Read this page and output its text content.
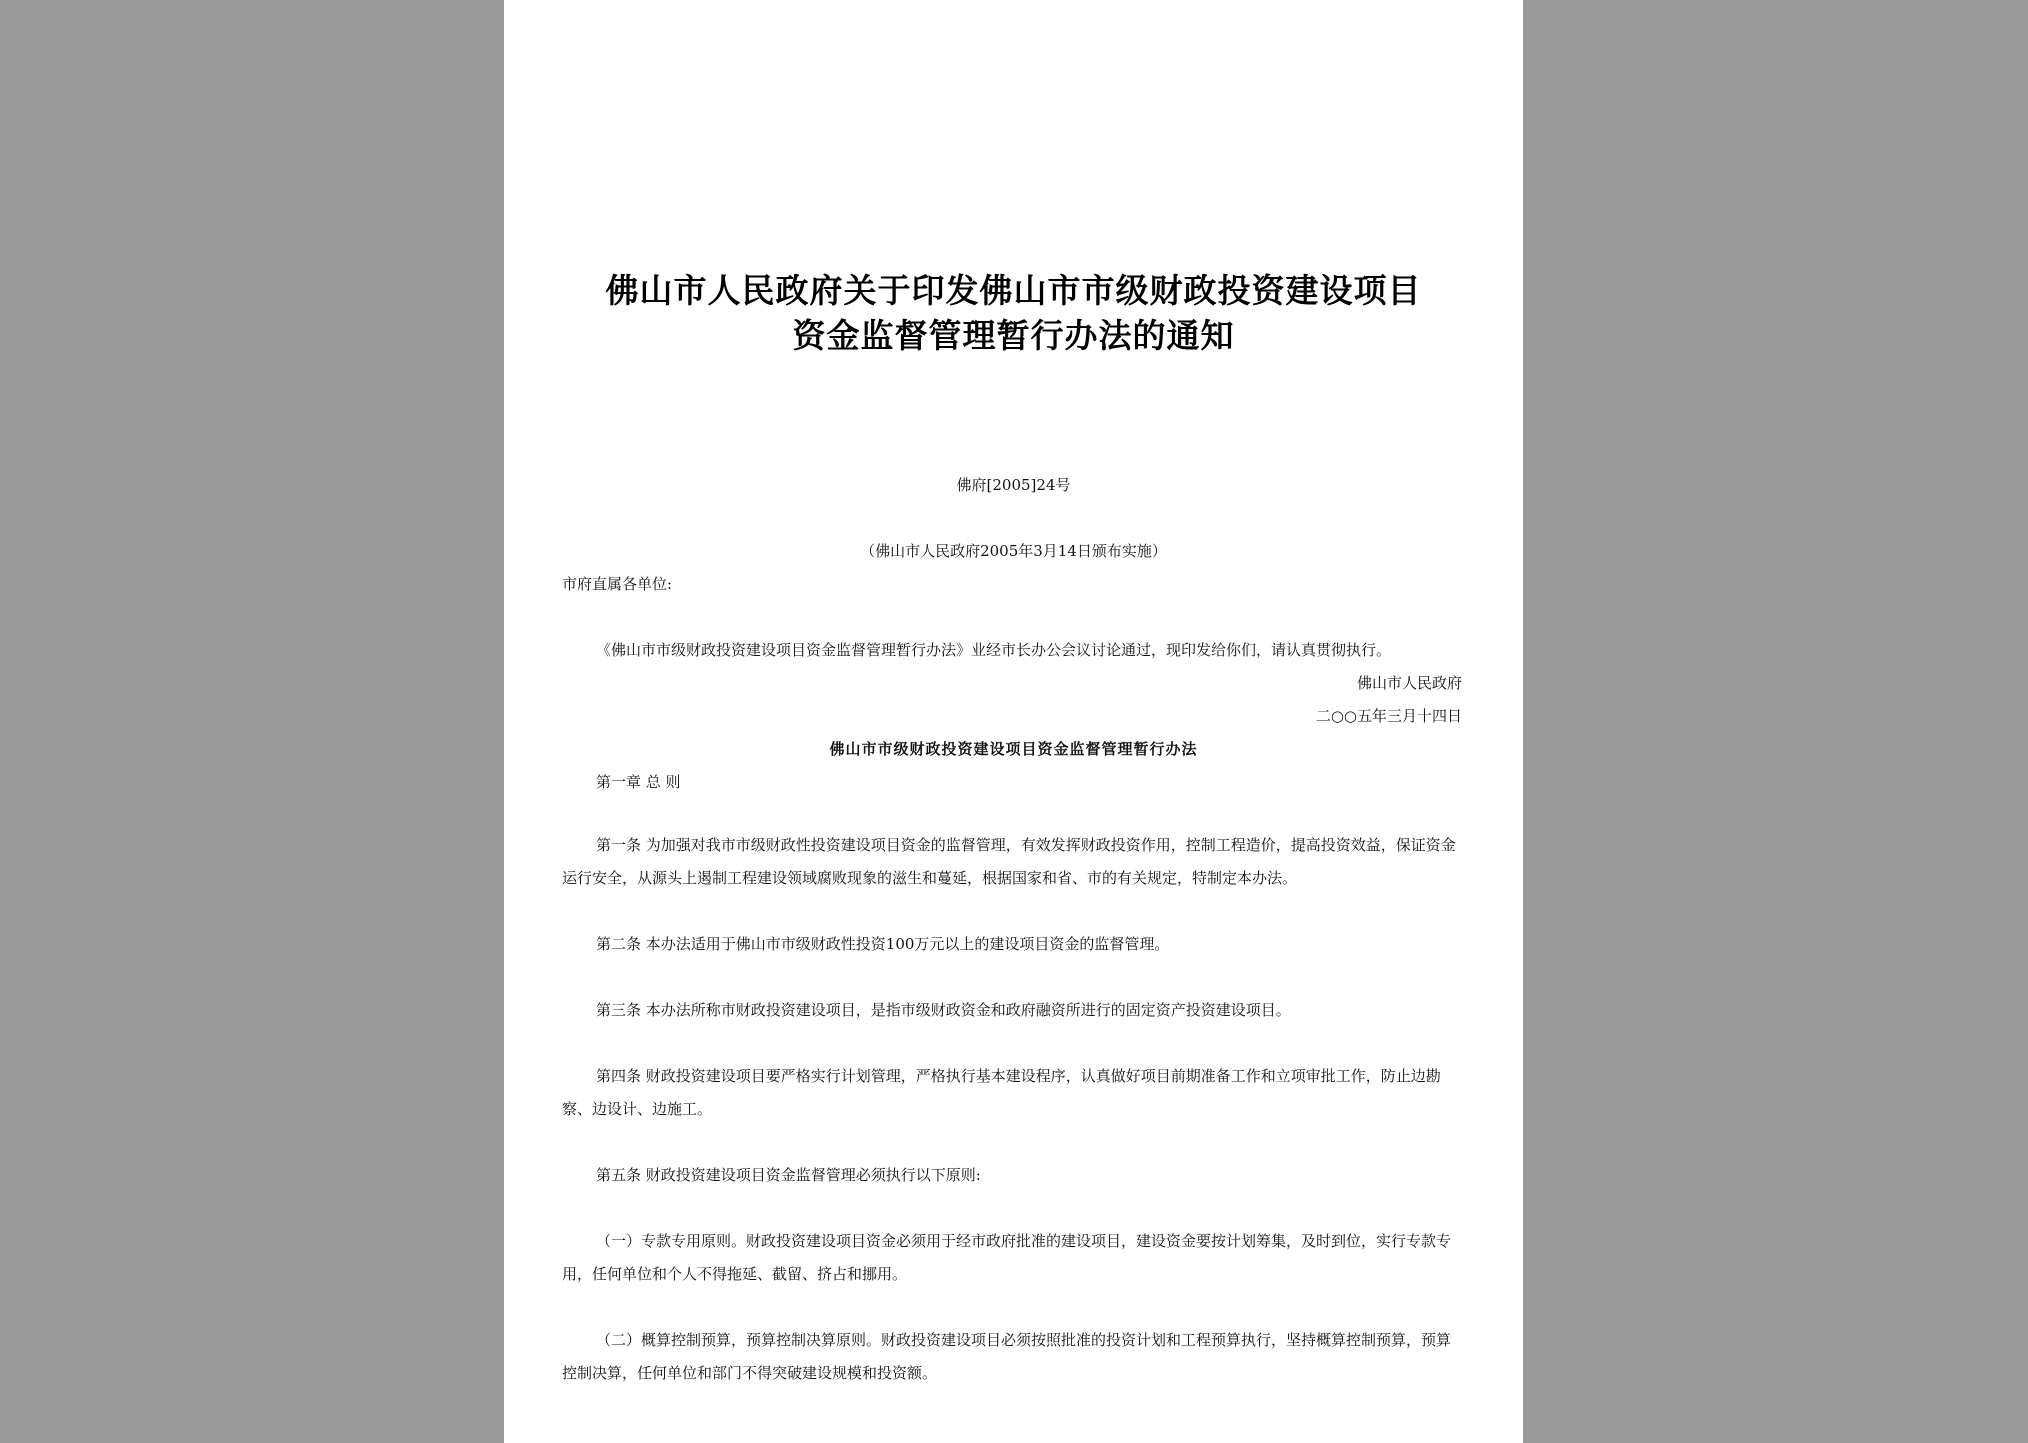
佛山市人民政府关于印发佛山市市级财政投资建设项目
资金监督管理暂行办法的通知
佛府[2005]24号
（佛山市人民政府2005年3月14日颁布实施）
市府直属各单位:
《佛山市市级财政投资建设项目资金监督管理暂行办法》业经市长办公会议讨论通过，现印发给你们，请认真贯彻执行。
佛山市人民政府
二○○五年三月十四日
佛山市市级财政投资建设项目资金监督管理暂行办法
第一章 总 则
第一条 为加强对我市市级财政性投资建设项目资金的监督管理，有效发挥财政投资作用，控制工程造价，提高投资效益，保证资金运行安全，从源头上遏制工程建设领域腐败现象的滋生和蔓延，根据国家和省、市的有关规定，特制定本办法。
第二条 本办法适用于佛山市市级财政性投资100万元以上的建设项目资金的监督管理。
第三条 本办法所称市财政投资建设项目，是指市级财政资金和政府融资所进行的固定资产投资建设项目。
第四条 财政投资建设项目要严格实行计划管理，严格执行基本建设程序，认真做好项目前期准备工作和立项审批工作，防止边勘察、边设计、边施工。
第五条 财政投资建设项目资金监督管理必须执行以下原则:
（一）专款专用原则。财政投资建设项目资金必须用于经市政府批准的建设项目，建设资金要按计划筹集，及时到位，实行专款专用，任何单位和个人不得拖延、截留、挤占和挪用。
（二）概算控制预算，预算控制决算原则。财政投资建设项目必须按照批准的投资计划和工程预算执行，坚持概算控制预算，预算控制决算，任何单位和部门不得突破建设规模和投资额。
